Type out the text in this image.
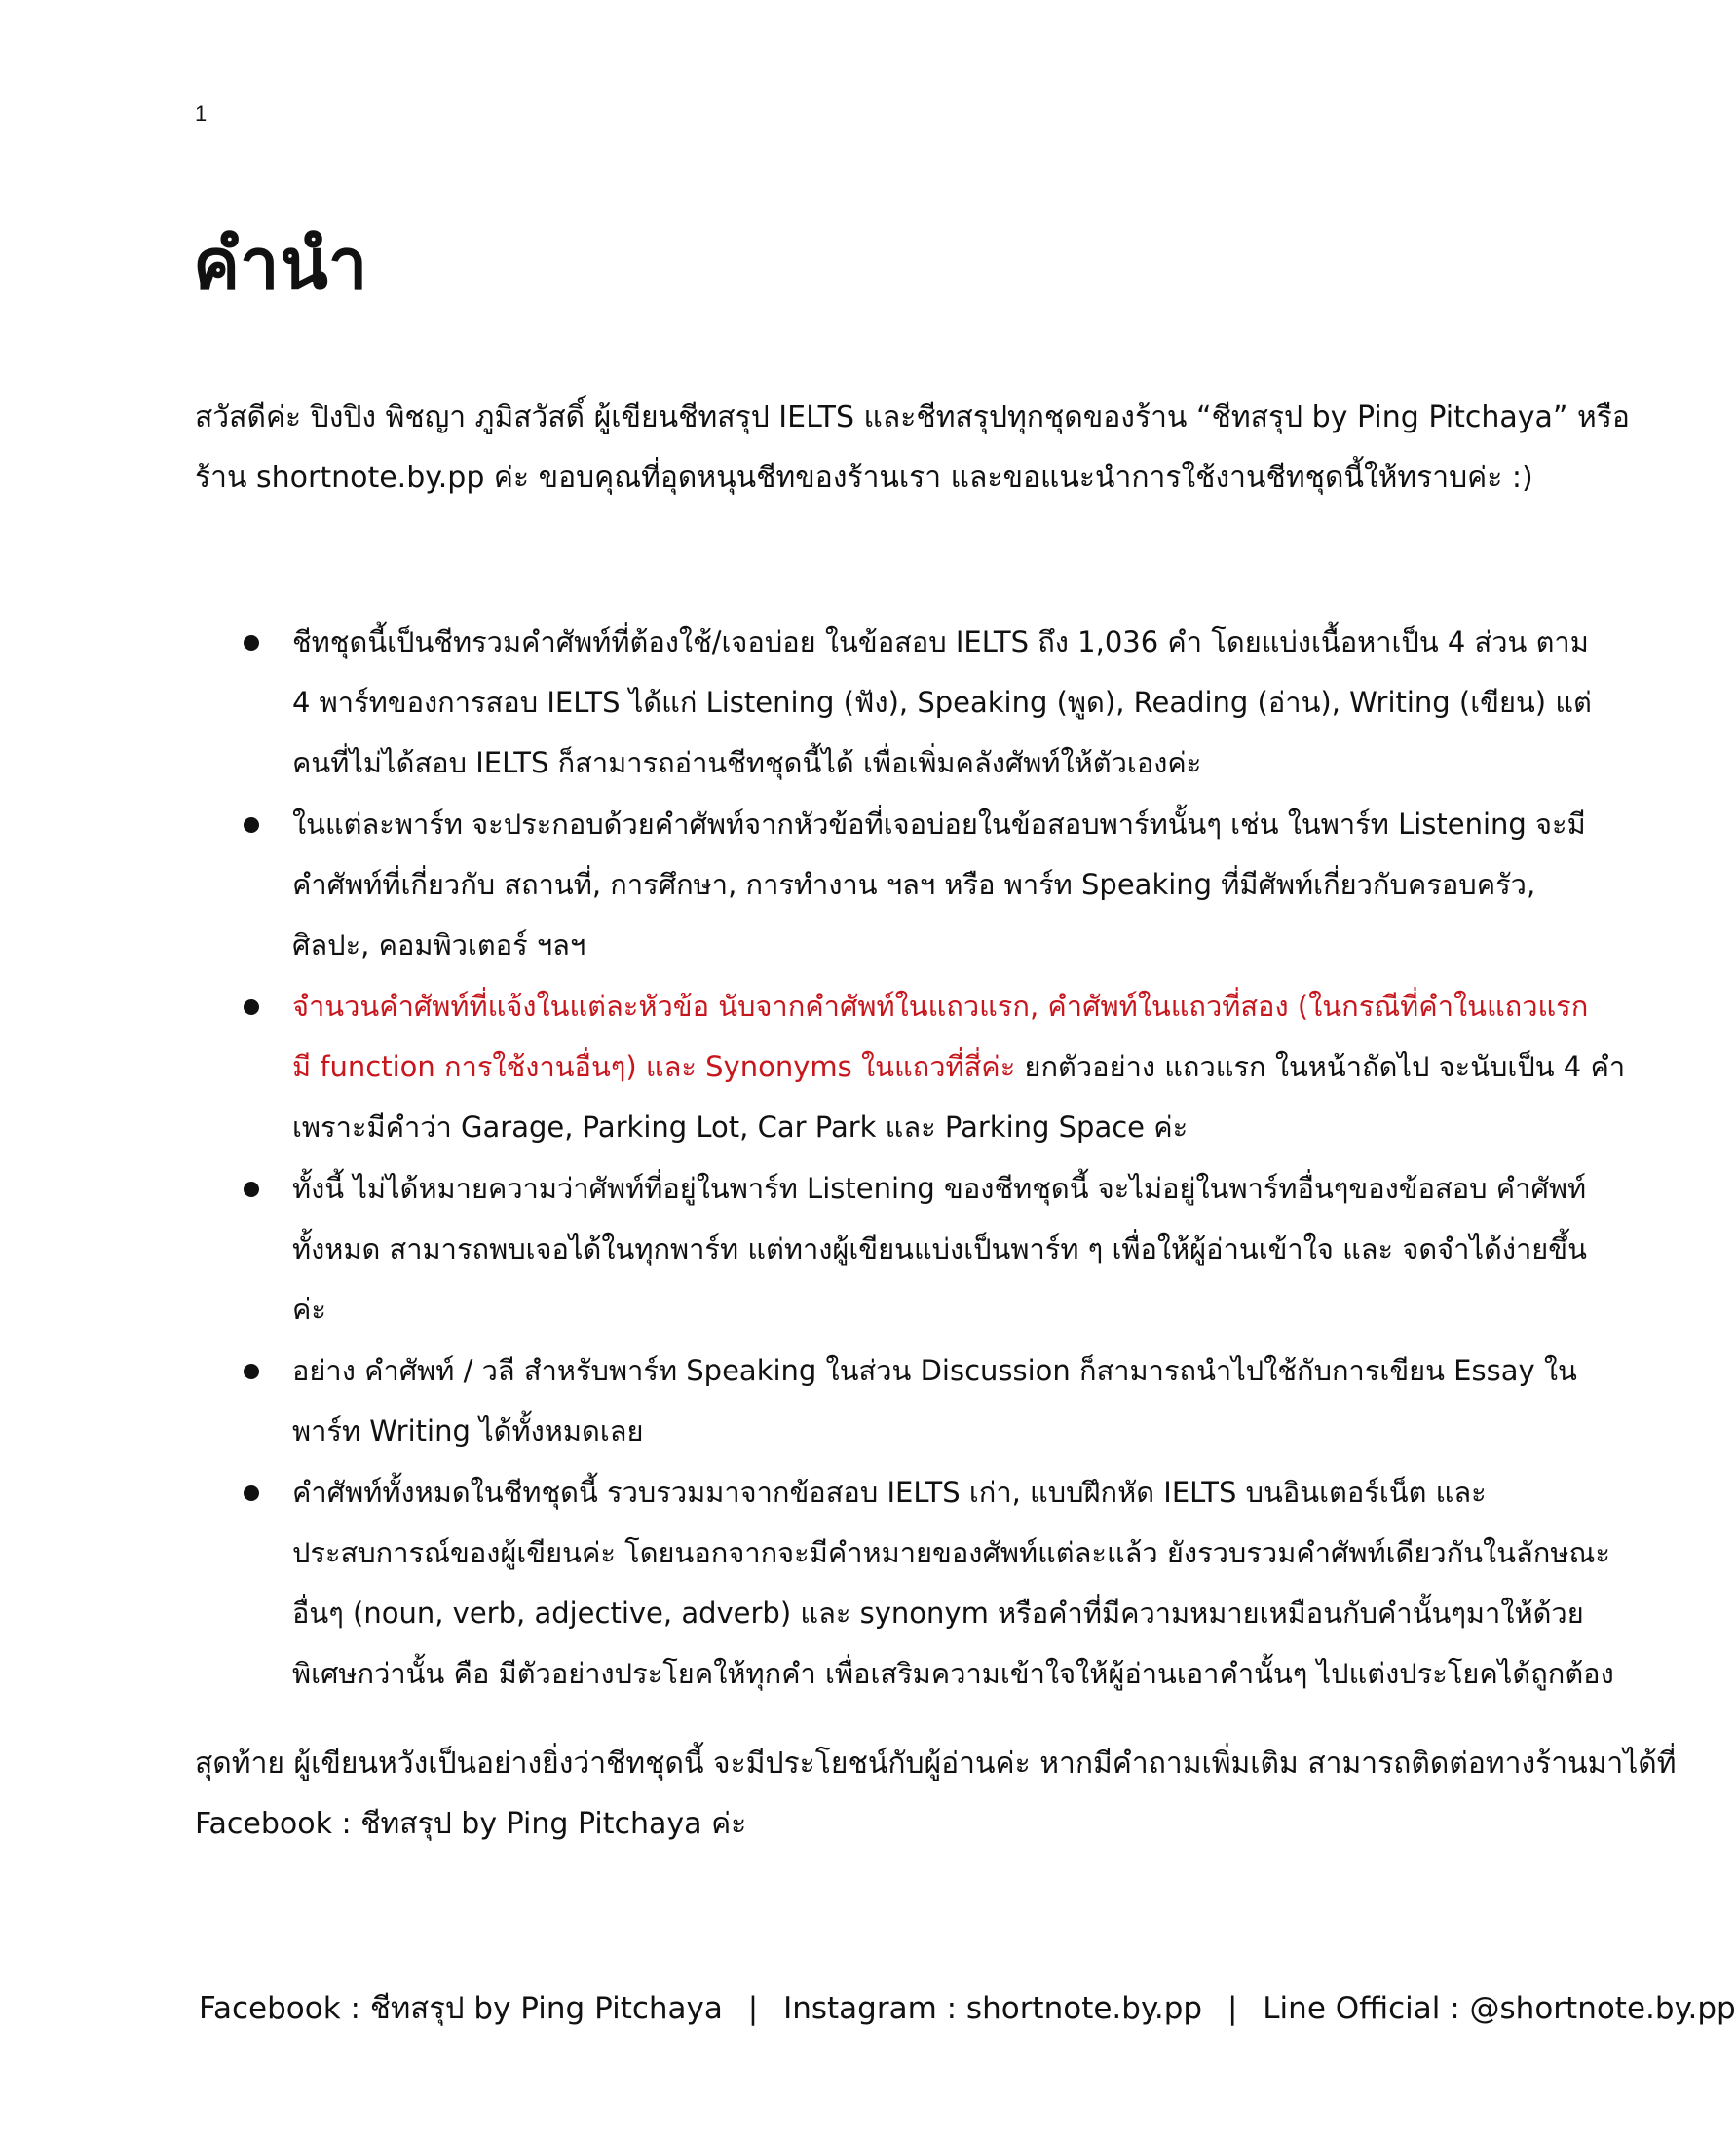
1
คำนำ
สวัสดีค่ะ ปิงปิง พิชญา ภูมิสวัสดิ์ ผู้เขียนชีทสรุป IELTS และชีทสรุปทุกชุดของร้าน “ชีทสรุป by Ping Pitchaya” หรือ
ร้าน shortnote.by.pp ค่ะ ขอบคุณที่อุดหนุนชีทของร้านเรา และขอแนะนำการใช้งานชีทชุดนี้ให้ทราบค่ะ :)
ชีทชุดนี้เป็นชีทรวมคำศัพท์ที่ต้องใช้/เจอบ่อย ในข้อสอบ IELTS ถึง 1,036 คำ โดยแบ่งเนื้อหาเป็น 4 ส่วน ตาม
4 พาร์ทของการสอบ IELTS ได้แก่ Listening (ฟัง), Speaking (พูด), Reading (อ่าน), Writing (เขียน) แต่
คนที่ไม่ได้สอบ IELTS ก็สามารถอ่านชีทชุดนี้ได้ เพื่อเพิ่มคลังศัพท์ให้ตัวเองค่ะ
ในแต่ละพาร์ท จะประกอบด้วยคำศัพท์จากหัวข้อที่เจอบ่อยในข้อสอบพาร์ทนั้นๆ เช่น ในพาร์ท Listening จะมี
คำศัพท์ที่เกี่ยวกับ สถานที่, การศึกษา, การทำงาน ฯลฯ หรือ พาร์ท Speaking ที่มีศัพท์เกี่ยวกับครอบครัว,
ศิลปะ, คอมพิวเตอร์ ฯลฯ
จำนวนคำศัพท์ที่แจ้งในแต่ละหัวข้อ นับจากคำศัพท์ในแถวแรก, คำศัพท์ในแถวที่สอง (ในกรณีที่คำในแถวแรก
มี function การใช้งานอื่นๆ) และ Synonyms ในแถวที่สี่ค่ะ ยกตัวอย่าง แถวแรก ในหน้าถัดไป จะนับเป็น 4 คำ
เพราะมีคำว่า Garage, Parking Lot, Car Park และ Parking Space ค่ะ
ทั้งนี้ ไม่ได้หมายความว่าศัพท์ที่อยู่ในพาร์ท Listening ของชีทชุดนี้ จะไม่อยู่ในพาร์ทอื่นๆของข้อสอบ คำศัพท์
ทั้งหมด สามารถพบเจอได้ในทุกพาร์ท แต่ทางผู้เขียนแบ่งเป็นพาร์ท ๆ เพื่อให้ผู้อ่านเข้าใจ และ จดจำได้ง่ายขึ้น
ค่ะ
อย่าง คำศัพท์ / วลี สำหรับพาร์ท Speaking ในส่วน Discussion ก็สามารถนำไปใช้กับการเขียน Essay ใน
พาร์ท Writing ได้ทั้งหมดเลย
คำศัพท์ทั้งหมดในชีทชุดนี้ รวบรวมมาจากข้อสอบ IELTS เก่า, แบบฝึกหัด IELTS บนอินเตอร์เน็ต และ
ประสบการณ์ของผู้เขียนค่ะ โดยนอกจากจะมีคำหมายของศัพท์แต่ละแล้ว ยังรวบรวมคำศัพท์เดียวกันในลักษณะ
อื่นๆ (noun, verb, adjective, adverb) และ synonym หรือคำที่มีความหมายเหมือนกับคำนั้นๆมาให้ด้วย
พิเศษกว่านั้น คือ มีตัวอย่างประโยคให้ทุกคำ เพื่อเสริมความเข้าใจให้ผู้อ่านเอาคำนั้นๆ ไปแต่งประโยคได้ถูกต้อง
สุดท้าย ผู้เขียนหวังเป็นอย่างยิ่งว่าชีทชุดนี้ จะมีประโยชน์กับผู้อ่านค่ะ หากมีคำถามเพิ่มเติม สามารถติดต่อทางร้านมาได้ที่
Facebook : ชีทสรุป by Ping Pitchaya ค่ะ
Facebook : ชีทสรุป by Ping Pitchaya | Instagram : shortnote.by.pp | Line Official : @shortnote.by.pp
